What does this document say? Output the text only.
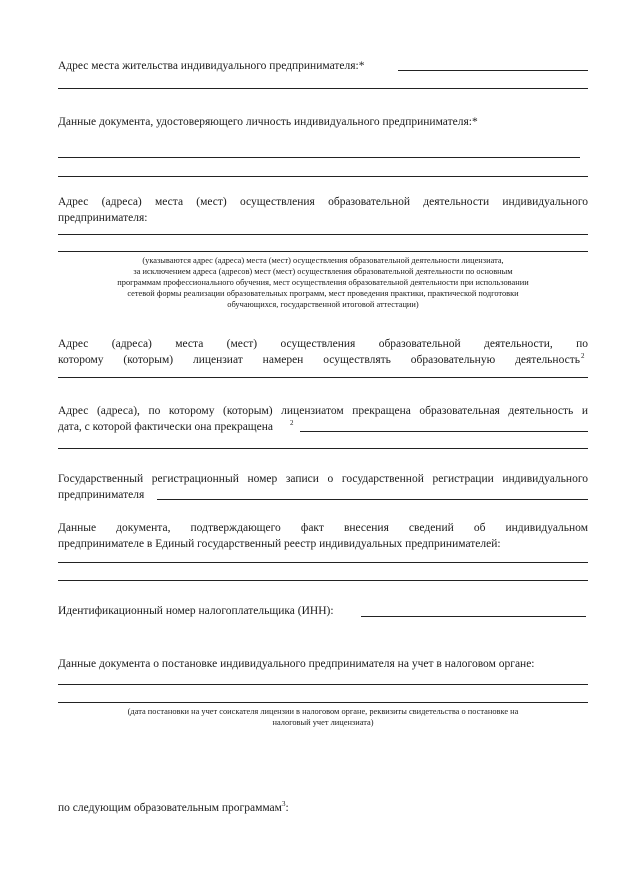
Адрес места жительства индивидуального предпринимателя:*
Данные документа, удостоверяющего личность индивидуального предпринимателя:*
Адрес (адреса) места (мест) осуществления образовательной деятельности индивидуального
предпринимателя:
(указываются адрес (адреса) места (мест) осуществления образовательной деятельности лицензиата,
за исключением адреса (адресов) мест (мест) осуществления образовательной деятельности по основным
программам профессионального обучения, мест осуществления образовательной деятельности при использовании
сетевой формы реализации образовательных программ, мест проведения практики, практической подготовки
обучающихся, государственной итоговой аттестации)
Адрес (адреса) места (мест) осуществления образовательной деятельности, по
которому (которым) лицензиат намерен осуществлять образовательную деятельность 2
Адрес (адреса), по которому (которым) лицензиатом прекращена образовательная деятельность и
дата, с которой фактически она прекращена 2
Государственный регистрационный номер записи о государственной регистрации индивидуального
предпринимателя
Данные документа, подтверждающего факт внесения сведений об индивидуальном
предпринимателе в Единый государственный реестр индивидуальных предпринимателей:
Идентификационный номер налогоплательщика (ИНН):
Данные документа о постановке индивидуального предпринимателя на учет в налоговом органе:
(дата постановки на учет соискателя лицензии в налоговом органе, реквизиты свидетельства о постановке на
налоговый учет лицензиата)
по следующим образовательным программам$^3$:
